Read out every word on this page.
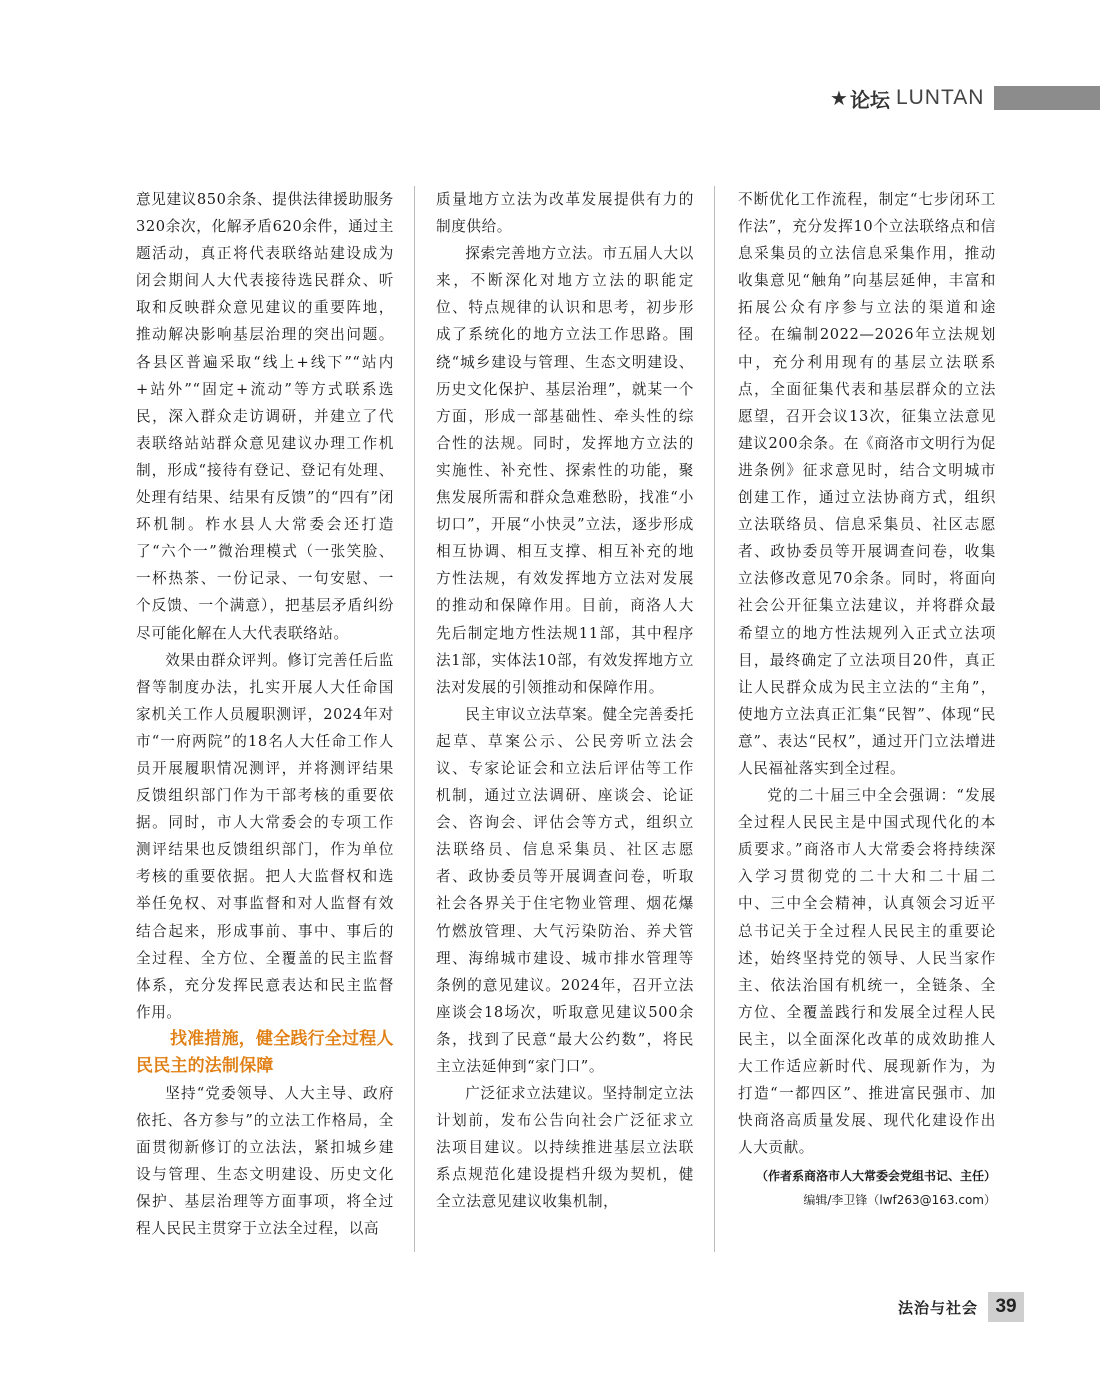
★ 论坛 LUNTAN

意见建议850余条、提供法律援助服务320余次，化解矛盾620余件，通过主题活动，真正将代表联络站建设成为闭会期间人大代表接待选民群众、听取和反映群众意见建议的重要阵地，推动解决影响基层治理的突出问题。各县区普遍采取“线上+线下”“站内+站外”“固定+流动”等方式联系选民，深入群众走访调研，并建立了代表联络站站群众意见建议办理工作机制，形成“接待有登记、登记有处理、处理有结果、结果有反馈”的“四有”闭环机制。柞水县人大常委会还打造了“六个一”微治理模式（一张笑脸、一杯热茶、一份记录、一句安慰、一个反馈、一个满意），把基层矛盾纠纷尽可能化解在人大代表联络站。

效果由群众评判。修订完善任后监督等制度办法，扎实开展人大任命国家机关工作人员履职测评，2024年对市“一府两院”的18名人大任命工作人员开展履职情况测评，并将测评结果反馈组织部门作为干部考核的重要依据。同时，市人大常委会的专项工作测评结果也反馈组织部门，作为单位考核的重要依据。把人大监督权和选举任免权、对事监督和对人监督有效结合起来，形成事前、事中、事后的全过程、全方位、全覆盖的民主监督体系，充分发挥民意表达和民主监督作用。

找准措施，健全践行全过程人民民主的法制保障

坚持“党委领导、人大主导、政府依托、各方参与”的立法工作格局，全面贯彻新修订的立法法，紧扣城乡建设与管理、生态文明建设、历史文化保护、基层治理等方面事项，将全过程人民民主贯穿于立法全过程，以高

质量地方立法为改革发展提供有力的制度供给。

探索完善地方立法。市五届人大以来，不断深化对地方立法的职能定位、特点规律的认识和思考，初步形成了系统化的地方立法工作思路。围绕“城乡建设与管理、生态文明建设、历史文化保护、基层治理”，就某一个方面，形成一部基础性、牵头性的综合性的法规。同时，发挥地方立法的实施性、补充性、探索性的功能，聚焦发展所需和群众急难愁盼，找准“小切口”，开展“小快灵”立法，逐步形成相互协调、相互支撑、相互补充的地方性法规，有效发挥地方立法对发展的推动和保障作用。目前，商洛人大先后制定地方性法规11部，其中程序法1部，实体法10部，有效发挥地方立法对发展的引领推动和保障作用。

民主审议立法草案。健全完善委托起草、草案公示、公民旁听立法会议、专家论证会和立法后评估等工作机制，通过立法调研、座谈会、论证会、咨询会、评估会等方式，组织立法联络员、信息采集员、社区志愿者、政协委员等开展调查问卷，听取社会各界关于住宅物业管理、烟花爆竹燃放管理、大气污染防治、养犬管理、海绵城市建设、城市排水管理等条例的意见建议。2024年，召开立法座谈会18场次，听取意见建议500余条，找到了民意“最大公约数”，将民主立法延伸到“家门口”。

广泛征求立法建议。坚持制定立法计划前，发布公告向社会广泛征求立法项目建议。以持续推进基层立法联系点规范化建设提档升级为契机，健全立法意见建议收集机制，

不断优化工作流程，制定“七步闭环工作法”，充分发挥10个立法联络点和信息采集员的立法信息采集作用，推动收集意见“触角”向基层延伸，丰富和拓展公众有序参与立法的渠道和途径。在编制2022—2026年立法规划中，充分利用现有的基层立法联系点，全面征集代表和基层群众的立法愿望，召开会议13次，征集立法意见建议200余条。在《商洛市文明行为促进条例》征求意见时，结合文明城市创建工作，通过立法协商方式，组织立法联络员、信息采集员、社区志愿者、政协委员等开展调查问卷，收集立法修改意见70余条。同时，将面向社会公开征集立法建议，并将群众最希望立的地方性法规列入正式立法项目，最终确定了立法项目20件，真正让人民群众成为民主立法的“主角”，使地方立法真正汇集“民智”、体现“民意”、表达“民权”，通过开门立法增进人民福祉落实到全过程。

党的二十届三中全会强调：“发展全过程人民民主是中国式现代化的本质要求。”商洛市人大常委会将持续深入学习贯彻党的二十大和二十届二中、三中全会精神，认真领会习近平总书记关于全过程人民民主的重要论述，始终坚持党的领导、人民当家作主、依法治国有机统一，全链条、全方位、全覆盖践行和发展全过程人民民主，以全面深化改革的成效助推人大工作适应新时代、展现新作为，为打造“一都四区”、推进富民强市、加快商洛高质量发展、现代化建设作出人大贡献。

（作者系商洛市人大常委会党组书记、主任）

编辑/李卫锋（lwf263@163.com）

法治与社会 39
